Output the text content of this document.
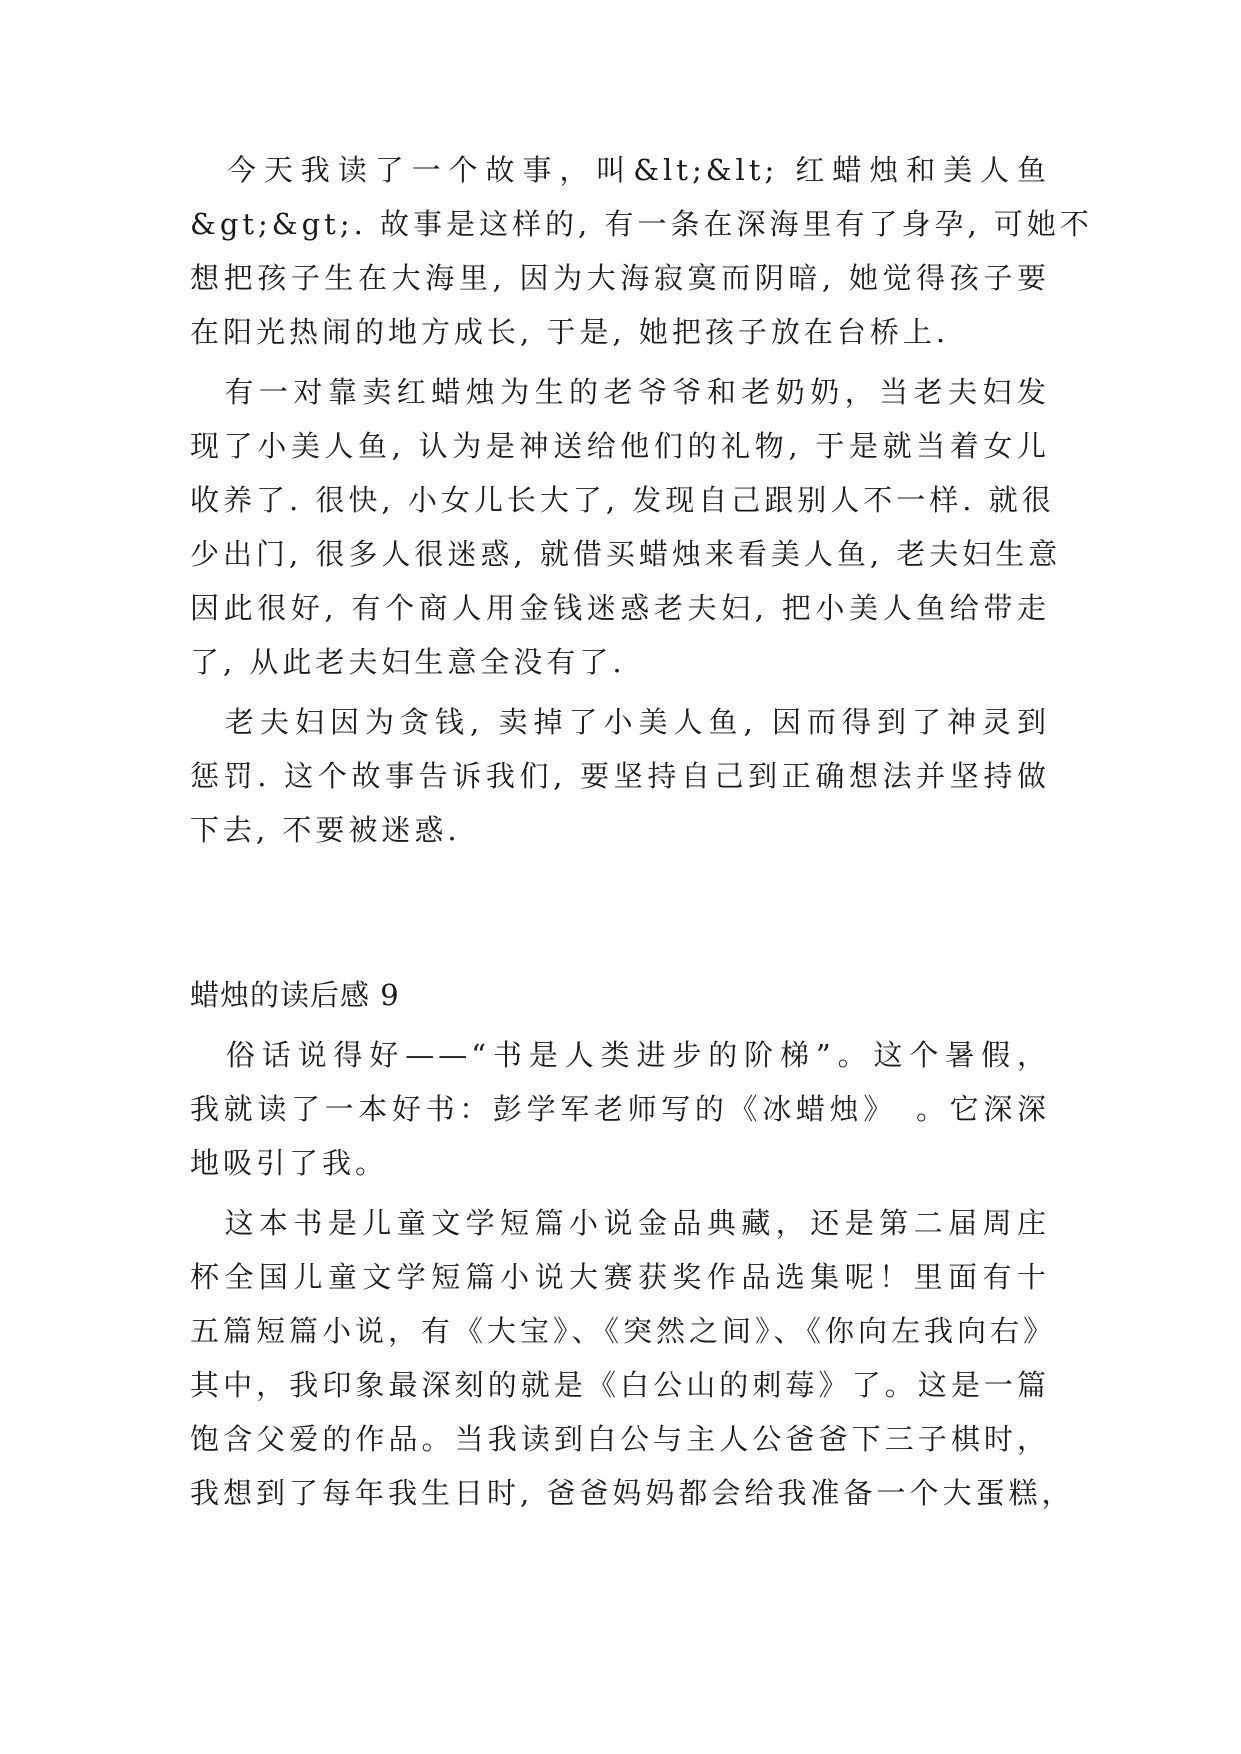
　今天我读了一个故事，叫&lt;&lt; 红蜡烛和美人鱼
&gt;&gt;. 故事是这样的, 有一条在深海里有了身孕, 可她不
想把孩子生在大海里, 因为大海寂寞而阴暗, 她觉得孩子要
在阳光热闹的地方成长, 于是, 她把孩子放在台桥上.
　有一对靠卖红蜡烛为生的老爷爷和老奶奶，当老夫妇发
现了小美人鱼, 认为是神送给他们的礼物, 于是就当着女儿
收养了. 很快, 小女儿长大了, 发现自己跟别人不一样. 就很
少出门, 很多人很迷惑, 就借买蜡烛来看美人鱼, 老夫妇生意
因此很好, 有个商人用金钱迷惑老夫妇, 把小美人鱼给带走
了, 从此老夫妇生意全没有了.
　老夫妇因为贪钱, 卖掉了小美人鱼, 因而得到了神灵到
惩罚. 这个故事告诉我们, 要坚持自己到正确想法并坚持做
下去, 不要被迷惑.
蜡烛的读后感 9
　俗话说得好——“书是人类进步的阶梯”。这个暑假，
我就读了一本好书：彭学军老师写的《冰蜡烛》　。它深深
地吸引了我。
　这本书是儿童文学短篇小说金品典藏，还是第二届周庄
杯全国儿童文学短篇小说大赛获奖作品选集呢！里面有十
五篇短篇小说，有《大宝》、《突然之间》、《你向左我向右》
其中，我印象最深刻的就是《白公山的刺莓》了。这是一篇
饱含父爱的作品。当我读到白公与主人公爸爸下三子棋时，
我想到了每年我生日时, 爸爸妈妈都会给我准备一个大蛋糕，
